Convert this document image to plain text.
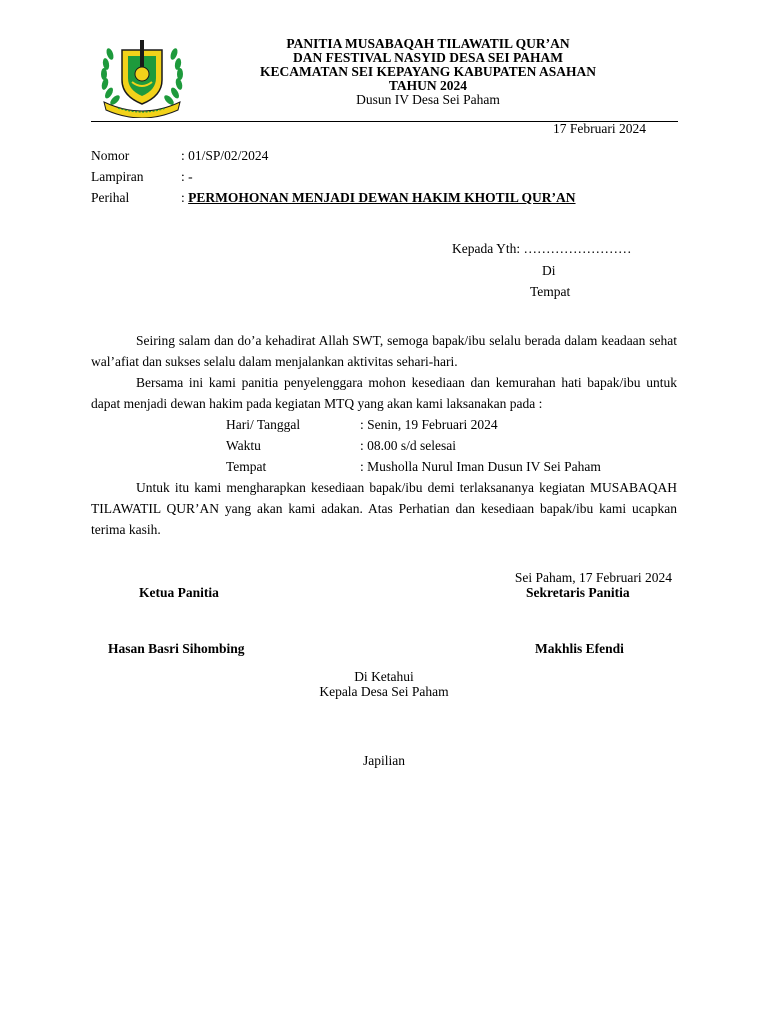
PANITIA MUSABAQAH TILAWATIL QUR’AN
DAN FESTIVAL NASYID DESA SEI PAHAM
KECAMATAN SEI KEPAYANG KABUPATEN ASAHAN
TAHUN 2024
Dusun IV Desa Sei Paham
17 Februari 2024
Nomor	: 01/SP/02/2024
Lampiran	: -
Perihal	: PERMOHONAN MENJADI DEWAN HAKIM KHOTIL QUR’AN
Kepada Yth: ……………………
Di
Tempat

Seiring salam dan do’a kehadirat Allah SWT, semoga bapak/ibu selalu berada dalam keadaan sehat wal’afiat dan sukses selalu dalam menjalankan aktivitas sehari-hari.

Bersama ini kami panitia penyelenggara mohon kesediaan dan kemurahan hati bapak/ibu untuk dapat menjadi dewan hakim pada kegiatan MTQ yang akan kami laksanakan pada :

Hari/ Tanggal	: Senin, 19 Februari 2024
Waktu	: 08.00 s/d selesai
Tempat	: Musholla Nurul Iman Dusun IV Sei Paham

Untuk itu kami mengharapkan kesediaan bapak/ibu demi terlaksananya kegiatan MUSABAQAH TILAWATIL QUR’AN yang akan kami adakan. Atas Perhatian dan kesediaan bapak/ibu kami ucapkan terima kasih.

Sei Paham, 17 Februari 2024
Ketua Panitia	Sekretaris Panitia
Hasan Basri Sihombing	Makhlis Efendi
Di Ketahui
Kepala Desa Sei Paham
Japilian
